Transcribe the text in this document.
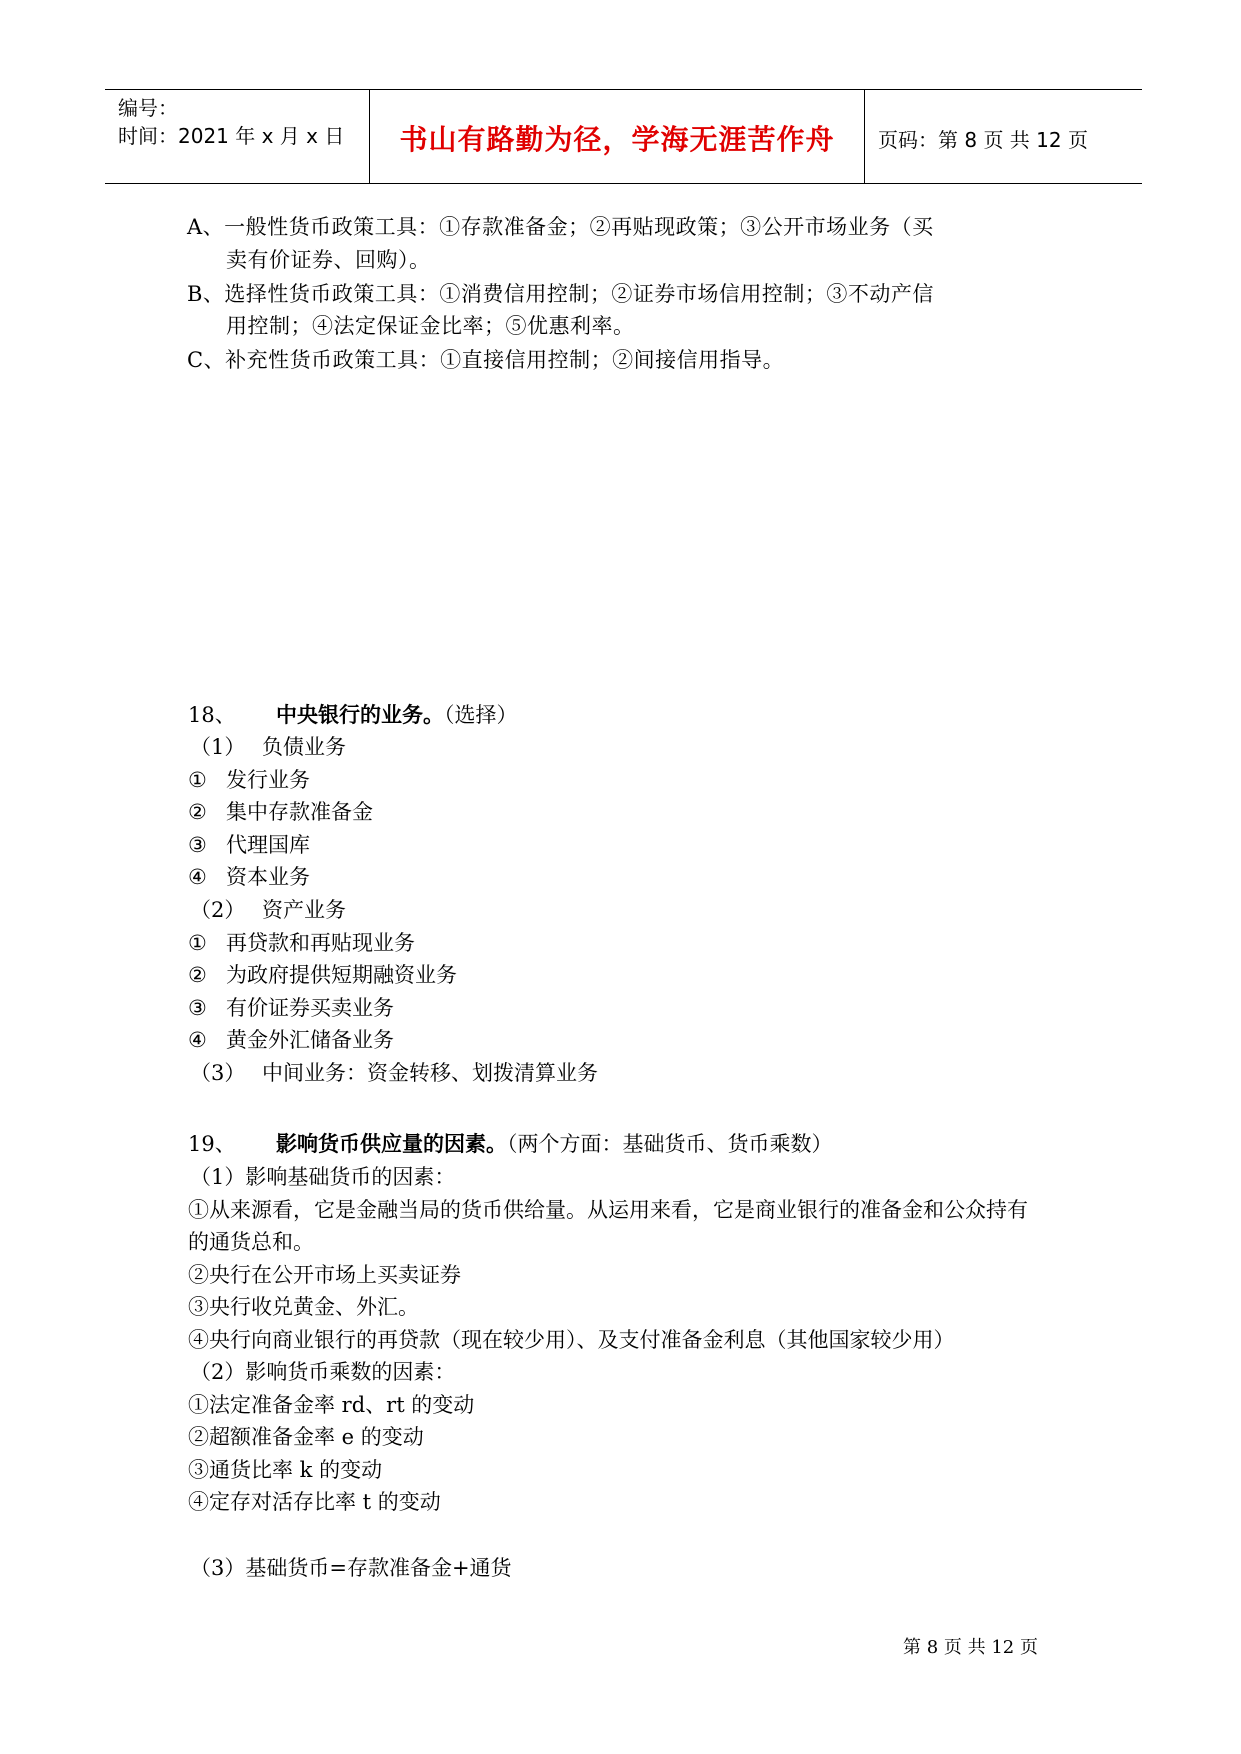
编号：
时间：2021 年 x 月 x 日	书山有路勤为径，学海无涯苦作舟	页码：第 8 页 共 12 页
A、一般性货币政策工具：①存款准备金；②再贴现政策；③公开市场业务（买
卖有价证券、回购）。
B、选择性货币政策工具：①消费信用控制；②证券市场信用控制；③不动产信
用控制；④法定保证金比率；⑤优惠利率。
C、补充性货币政策工具：①直接信用控制；②间接信用指导。
18、 中央银行的业务。（选择）
（1） 负债业务
① 发行业务
② 集中存款准备金
③ 代理国库
④ 资本业务
（2） 资产业务
① 再贷款和再贴现业务
② 为政府提供短期融资业务
③ 有价证券买卖业务
④ 黄金外汇储备业务
（3） 中间业务：资金转移、划拨清算业务
19、 影响货币供应量的因素。（两个方面：基础货币、货币乘数）
（1）影响基础货币的因素：
①从来源看，它是金融当局的货币供给量。从运用来看，它是商业银行的准备金和公众持有
的通货总和。
②央行在公开市场上买卖证券
③央行收兑黄金、外汇。
④央行向商业银行的再贷款（现在较少用）、及支付准备金利息（其他国家较少用）
（2）影响货币乘数的因素：
①法定准备金率 rd、rt 的变动
②超额准备金率 e 的变动
③通货比率 k 的变动
④定存对活存比率 t 的变动
（3）基础货币=存款准备金+通货
第 8 页 共 12 页
